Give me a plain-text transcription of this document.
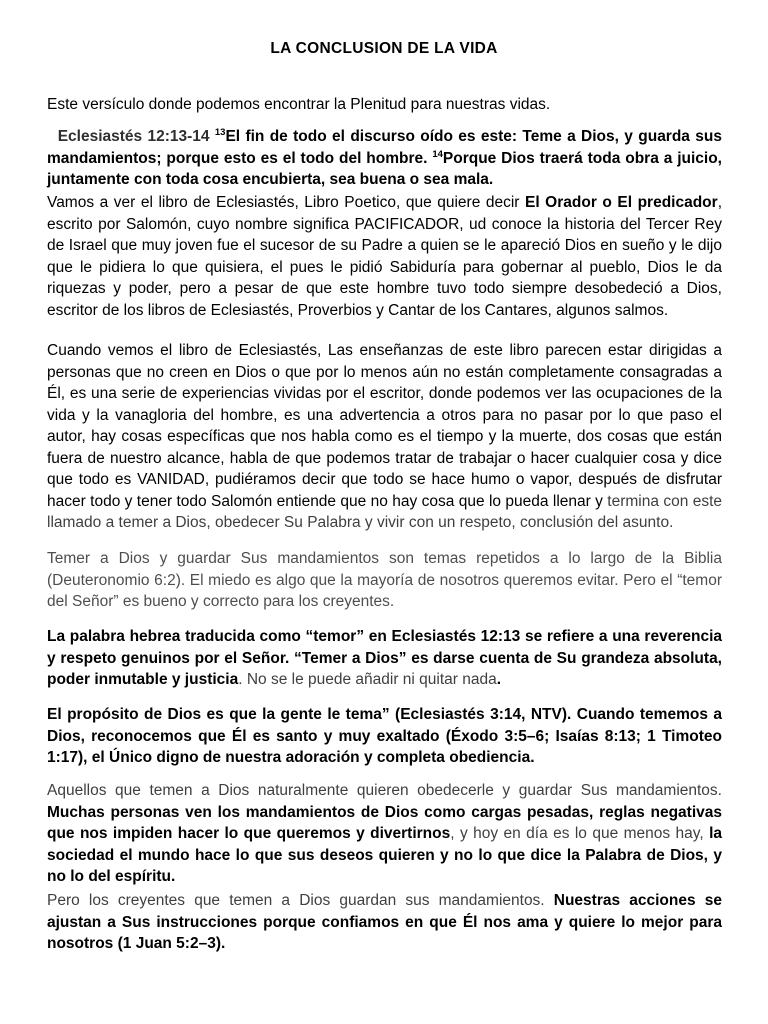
LA CONCLUSION DE LA VIDA

Este versículo donde podemos encontrar la Plenitud para nuestras vidas.

Eclesiastés 12:13-14 $^{13}$El fin de todo el discurso oído es este: Teme a Dios, y guarda sus mandamientos; porque esto es el todo del hombre. $^{14}$Porque Dios traerá toda obra a juicio, juntamente con toda cosa encubierta, sea buena o sea mala.

Vamos a ver el libro de Eclesiastés, Libro Poetico, que quiere decir El Orador o El predicador, escrito por Salomón, cuyo nombre significa PACIFICADOR, ud conoce la historia del Tercer Rey de Israel que muy joven fue el sucesor de su Padre a quien se le apareció Dios en sueño y le dijo que le pidiera lo que quisiera, el pues le pidió Sabiduría para gobernar al pueblo, Dios le da riquezas y poder, pero a pesar de que este hombre tuvo todo siempre desobedeció a Dios, escritor de los libros de Eclesiastés, Proverbios y Cantar de los Cantares, algunos salmos.

Cuando vemos el libro de Eclesiastés, Las enseñanzas de este libro parecen estar dirigidas a personas que no creen en Dios o que por lo menos aún no están completamente consagradas a Él, es una serie de experiencias vividas por el escritor, donde podemos ver las ocupaciones de la vida y la vanagloria del hombre, es una advertencia a otros para no pasar por lo que paso el autor, hay cosas específicas que nos habla como es el tiempo y la muerte, dos cosas que están fuera de nuestro alcance, habla de que podemos tratar de trabajar o hacer cualquier cosa y dice que todo es VANIDAD, pudiéramos decir que todo se hace humo o vapor, después de disfrutar hacer todo y tener todo Salomón entiende que no hay cosa que lo pueda llenar y termina con este llamado a temer a Dios, obedecer Su Palabra y vivir con un respeto, conclusión del asunto.

Temer a Dios y guardar Sus mandamientos son temas repetidos a lo largo de la Biblia (Deuteronomio 6:2). El miedo es algo que la mayoría de nosotros queremos evitar. Pero el “temor del Señor” es bueno y correcto para los creyentes.

La palabra hebrea traducida como “temor” en Eclesiastés 12:13 se refiere a una reverencia y respeto genuinos por el Señor. “Temer a Dios” es darse cuenta de Su grandeza absoluta, poder inmutable y justicia. No se le puede añadir ni quitar nada.

El propósito de Dios es que la gente le tema” (Eclesiastés 3:14, NTV). Cuando tememos a Dios, reconocemos que Él es santo y muy exaltado (Éxodo 3:5–6; Isaías 8:13; 1 Timoteo 1:17), el Único digno de nuestra adoración y completa obediencia.

Aquellos que temen a Dios naturalmente quieren obedecerle y guardar Sus mandamientos. Muchas personas ven los mandamientos de Dios como cargas pesadas, reglas negativas que nos impiden hacer lo que queremos y divertirnos, y hoy en día es lo que menos hay, la sociedad el mundo hace lo que sus deseos quieren y no lo que dice la Palabra de Dios, y no lo del espíritu.

Pero los creyentes que temen a Dios guardan sus mandamientos. Nuestras acciones se ajustan a Sus instrucciones porque confiamos en que Él nos ama y quiere lo mejor para nosotros (1 Juan 5:2–3).
